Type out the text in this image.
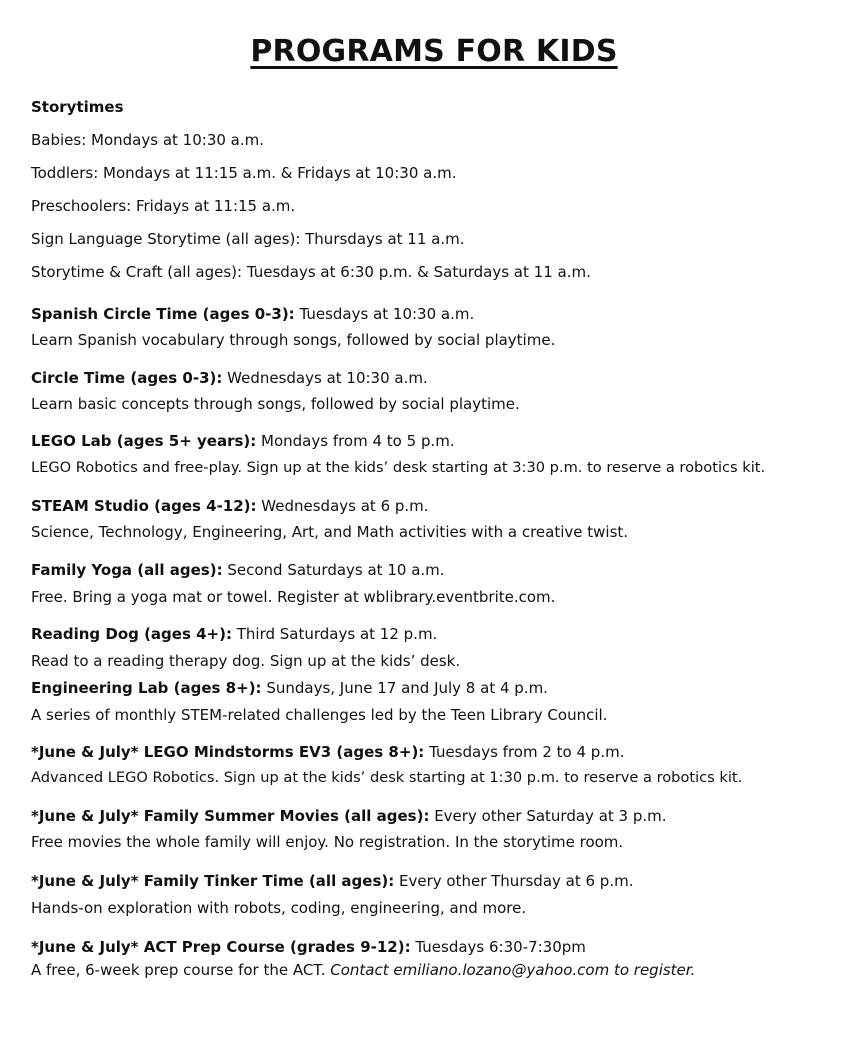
PROGRAMS FOR KIDS

Storytimes

Babies: Mondays at 10:30 a.m.

Toddlers: Mondays at 11:15 a.m. & Fridays at 10:30 a.m.

Preschoolers: Fridays at 11:15 a.m.

Sign Language Storytime (all ages): Thursdays at 11 a.m.

Storytime & Craft (all ages): Tuesdays at 6:30 p.m. & Saturdays at 11 a.m.

Spanish Circle Time (ages 0-3): Tuesdays at 10:30 a.m.

Learn Spanish vocabulary through songs, followed by social playtime.

Circle Time (ages 0-3): Wednesdays at 10:30 a.m.

Learn basic concepts through songs, followed by social playtime.

LEGO Lab (ages 5+ years): Mondays from 4 to 5 p.m.

LEGO Robotics and free-play. Sign up at the kids’ desk starting at 3:30 p.m. to reserve a robotics kit.

STEAM Studio (ages 4-12): Wednesdays at 6 p.m.

Science, Technology, Engineering, Art, and Math activities with a creative twist.

Family Yoga (all ages): Second Saturdays at 10 a.m.

Free. Bring a yoga mat or towel. Register at wblibrary.eventbrite.com.

Reading Dog (ages 4+): Third Saturdays at 12 p.m.

Read to a reading therapy dog. Sign up at the kids’ desk.

Engineering Lab (ages 8+): Sundays, June 17 and July 8 at 4 p.m.

A series of monthly STEM-related challenges led by the Teen Library Council.

*June & July* LEGO Mindstorms EV3 (ages 8+): Tuesdays from 2 to 4 p.m.

Advanced LEGO Robotics. Sign up at the kids’ desk starting at 1:30 p.m. to reserve a robotics kit.

*June & July* Family Summer Movies (all ages): Every other Saturday at 3 p.m.

Free movies the whole family will enjoy. No registration. In the storytime room.

*June & July* Family Tinker Time (all ages): Every other Thursday at 6 p.m.

Hands-on exploration with robots, coding, engineering, and more.

*June & July* ACT Prep Course (grades 9-12): Tuesdays 6:30-7:30pm

A free, 6-week prep course for the ACT. Contact emiliano.lozano@yahoo.com to register.
